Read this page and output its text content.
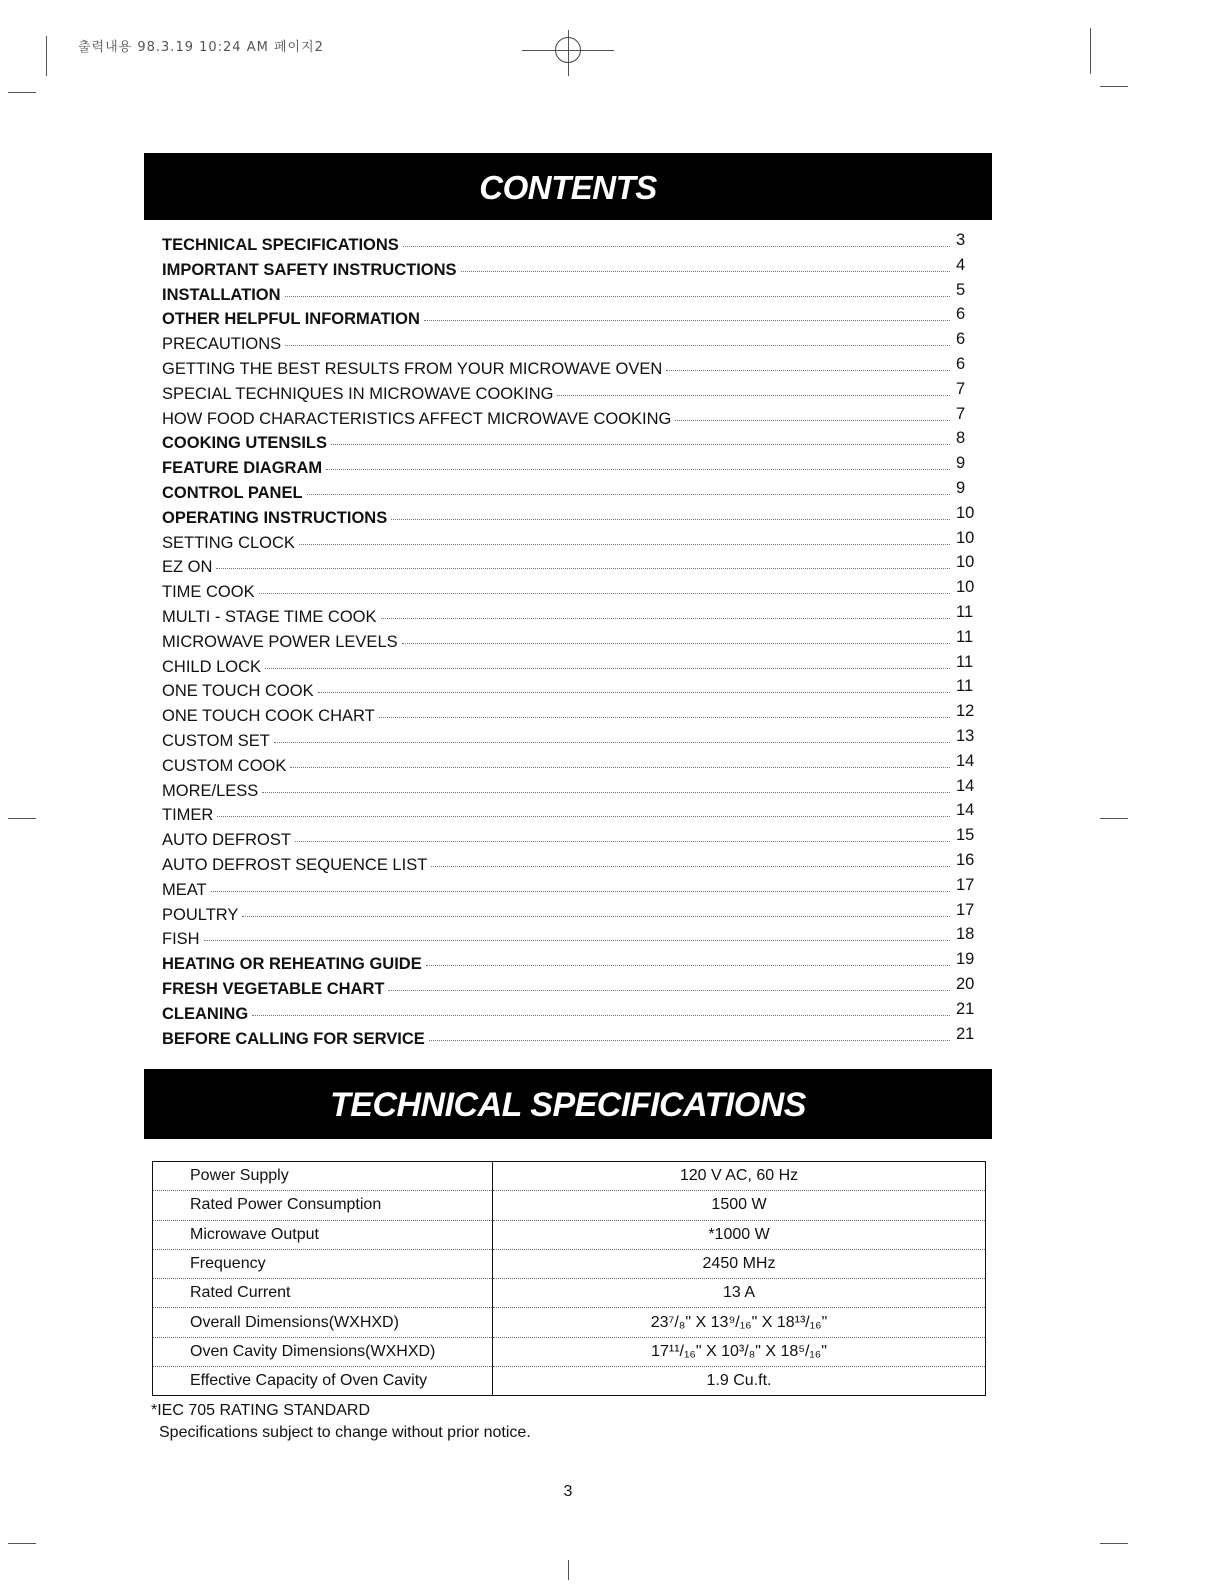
출력내용 98.3.19 10:24 AM 페이지2
CONTENTS
TECHNICAL SPECIFICATIONS	3
IMPORTANT SAFETY INSTRUCTIONS	4
INSTALLATION	5
OTHER HELPFUL INFORMATION	6
PRECAUTIONS	6
GETTING THE BEST RESULTS FROM YOUR MICROWAVE OVEN	6
SPECIAL TECHNIQUES IN MICROWAVE COOKING	7
HOW FOOD CHARACTERISTICS AFFECT MICROWAVE COOKING	7
COOKING UTENSILS	8
FEATURE DIAGRAM	9
CONTROL PANEL	9
OPERATING INSTRUCTIONS	10
SETTING CLOCK	10
EZ ON	10
TIME COOK	10
MULTI - STAGE TIME COOK	11
MICROWAVE POWER LEVELS	11
CHILD LOCK	11
ONE TOUCH COOK	11
ONE TOUCH COOK CHART	12
CUSTOM SET	13
CUSTOM COOK	14
MORE/LESS	14
TIMER	14
AUTO DEFROST	15
AUTO DEFROST SEQUENCE LIST	16
MEAT	17
POULTRY	17
FISH	18
HEATING OR REHEATING GUIDE	19
FRESH VEGETABLE CHART	20
CLEANING	21
BEFORE CALLING FOR SERVICE	21
TECHNICAL SPECIFICATIONS
Power Supply	120 V AC, 60 Hz
Rated Power Consumption	1500 W
Microwave Output	*1000 W
Frequency	2450 MHz
Rated Current	13 A
Overall Dimensions(WXHXD)	23⁷/₈" X 13⁹/₁₆" X 18¹³/₁₆"
Oven Cavity Dimensions(WXHXD)	17¹¹/₁₆" X 10³/₈" X 18⁵/₁₆"
Effective Capacity of Oven Cavity	1.9 Cu.ft.
*IEC 705 RATING STANDARD
Specifications subject to change without prior notice.
3
